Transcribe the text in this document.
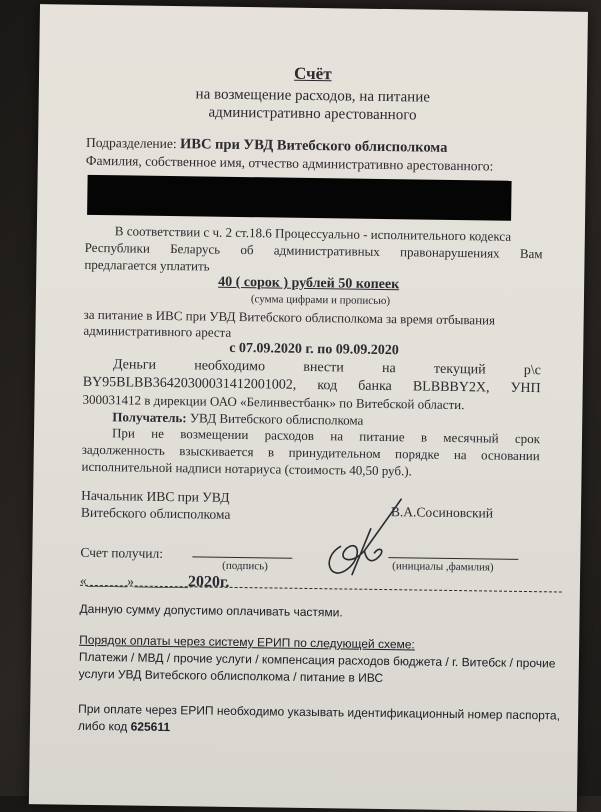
Счёт
на возмещение расходов, на питание
административно арестованного
Подразделение: ИВС при УВД Витебского облисполкома
Фамилия, собственное имя, отчество административно арестованного:
В соответствии с ч. 2 ст.18.6 Процессуально - исполнительного кодекса
Республики Беларусь об административных правонарушениях Вам
предлагается уплатить
40 ( сорок ) рублей 50 копеек
(сумма цифрами и прописью)
за питание в ИВС при УВД Витебского облисполкома за время отбывания
административного ареста
с 07.09.2020 г. по 09.09.2020
Деньги необходимо внести на текущий р\с
BY95BLBB36420300031412001002, код банка BLBBBY2X, УНП
300031412 в дирекции ОАО «Белинвестбанк» по Витебской области.
Получатель: УВД Витебского облисполкома
При не возмещении расходов на питание в месячный срок
задолженность взыскивается в принудительном порядке на основании
исполнительной надписи нотариуса (стоимость 40,50 руб.).
Начальник ИВС при УВД
Витебского облисполкома	В.А.Сосиновский
Счет получил:
(подпись)	(инициалы ,фамилия)
«______»________2020г.
Данную сумму допустимо оплачивать частями.
Порядок оплаты через систему ЕРИП по следующей схеме:
Платежи / МВД / прочие услуги / компенсация расходов бюджета / г. Витебск / прочие
услуги УВД Витебского облисполкома / питание в ИВС
При оплате через ЕРИП необходимо указывать идентификационный номер паспорта,
либо код 625611
